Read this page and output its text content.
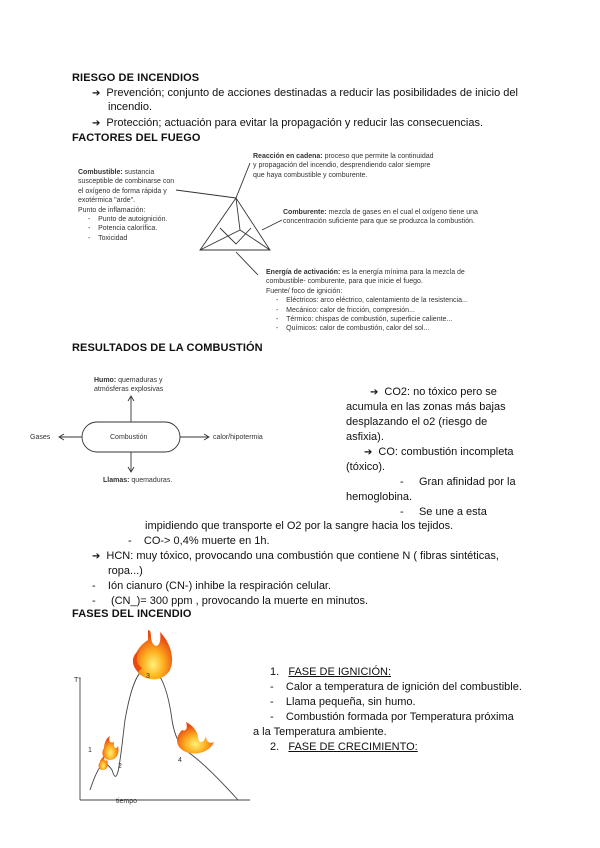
RIESGO DE INCENDIOS
➔ Prevención; conjunto de acciones destinadas a reducir las posibilidades de inicio del
incendio.
➔ Protección; actuación para evitar la propagación y reducir las consecuencias.
FACTORES DEL FUEGO
Combustible: sustancia
susceptible de combinarse con
el oxígeno de forma rápida y
exotérmica "arde".
Punto de inflamación:
-    Punto de autoignición.
-    Potencia calorífica.
-    Toxicidad
Reacción en cadena: proceso que permite la continuidad
y propagación del incendio, desprendiendo calor siempre
que haya combustible y comburente.
Comburente: mezcla de gases en el cual el oxígeno tiene una
concentración suficiente para que se produzca la combustión.
Energía de activación: es la energía mínima para la mezcla de
combustible- comburente, para que inicie el fuego.
Fuente/ foco de ignición:
-    Eléctricos: arco eléctrico, calentamiento de la resistencia...
-    Mecánico: calor de fricción, compresión...
-    Térmico: chispas de combustión, superficie caliente...
-    Químicos: calor de combustión, calor del sol...
RESULTADOS DE LA COMBUSTIÓN
Humo: quemaduras y
atmósferas explosivas
Gases	Combustión	calor/hipotermia
Llamas: quemaduras.
➔ CO2: no tóxico pero se
acumula en las zonas más bajas
desplazando el o2 (riesgo de
asfixia).
➔ CO: combustión incompleta
(tóxico).
-     Gran afinidad por la
hemoglobina.
-     Se une a esta
impidiendo que transporte el O2 por la sangre hacia los tejidos.
-    CO-> 0,4% muerte en 1h.
➔ HCN: muy tóxico, provocando una combustión que contiene N ( fibras sintéticas,
ropa...)
-    Ión cianuro (CN-) inhibe la respiración celular.
-     (CN_)= 300 ppm , provocando la muerte en minutos.
FASES DEL INCENDIO
T°
tiempo
1
2
3
4
1. FASE DE IGNICIÓN:
-    Calor a temperatura de ignición del combustible.
-    Llama pequeña, sin humo.
-    Combustión formada por Temperatura próxima
a la Temperatura ambiente.
2. FASE DE CRECIMIENTO:
